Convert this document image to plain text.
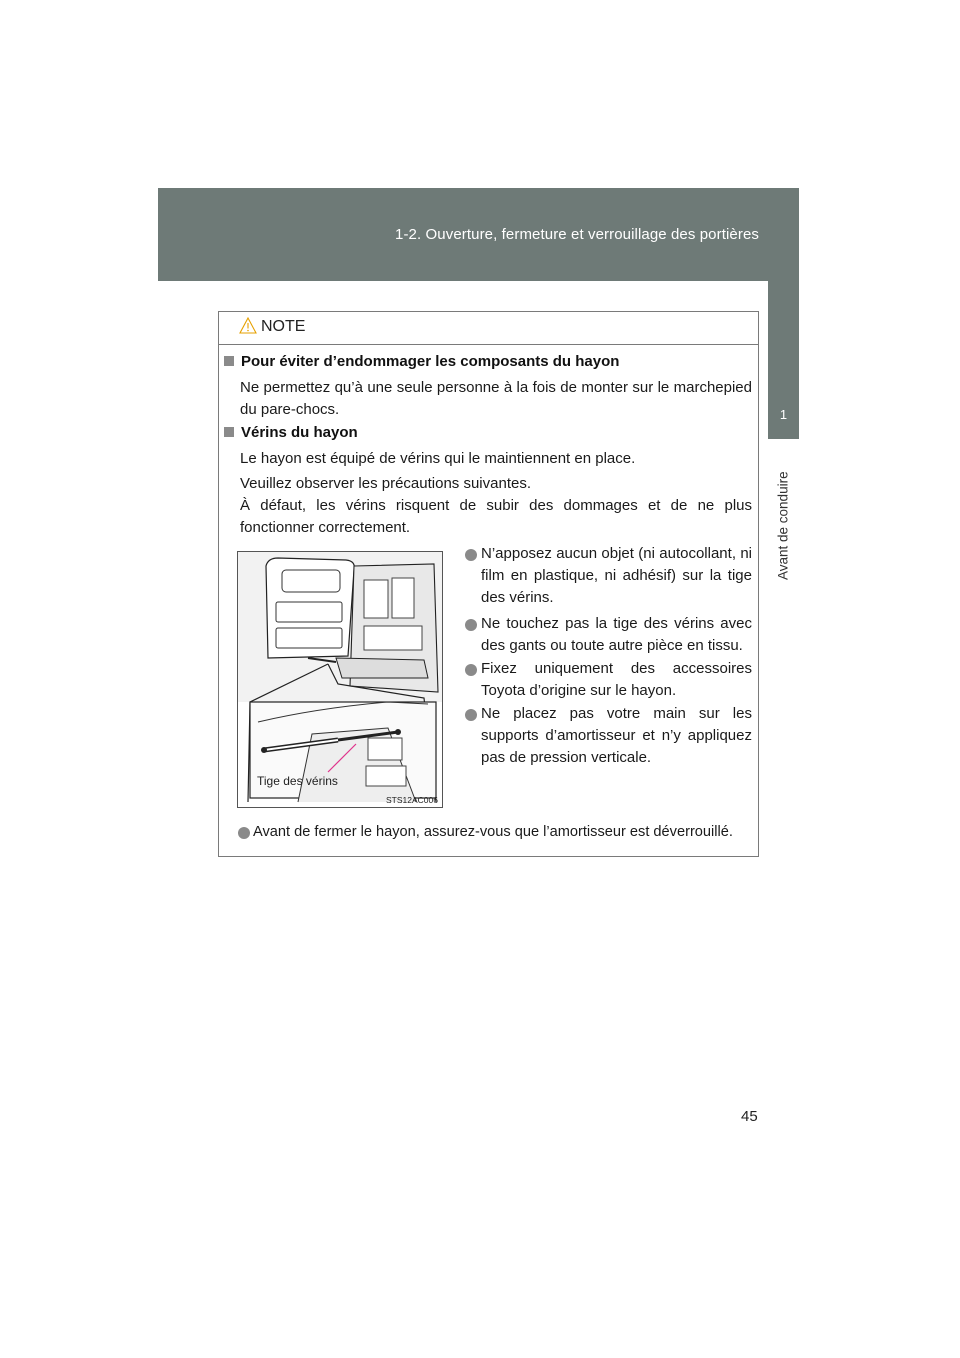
1-2. Ouverture, fermeture et verrouillage des portières
1
Avant de conduire
NOTE
Pour éviter d’endommager les composants du hayon
Ne permettez qu’à une seule personne à la fois de monter sur le marchepied du pare-chocs.
Vérins du hayon
Le hayon est équipé de vérins qui le maintiennent en place.
Veuillez observer les précautions suivantes.
À défaut, les vérins risquent de subir des dommages et de ne plus fonctionner correctement.
Tige des vérins
STS12AC006
N’apposez aucun objet (ni autocollant, ni film en plastique, ni adhésif) sur la tige des vérins.
Ne touchez pas la tige des vérins avec des gants ou toute autre pièce en tissu.
Fixez uniquement des accessoires Toyota d’origine sur le hayon.
Ne placez pas votre main sur les supports d’amortisseur et n’y appliquez pas de pression verticale.
Avant de fermer le hayon, assurez-vous que l’amortisseur est déverrouillé.
45
